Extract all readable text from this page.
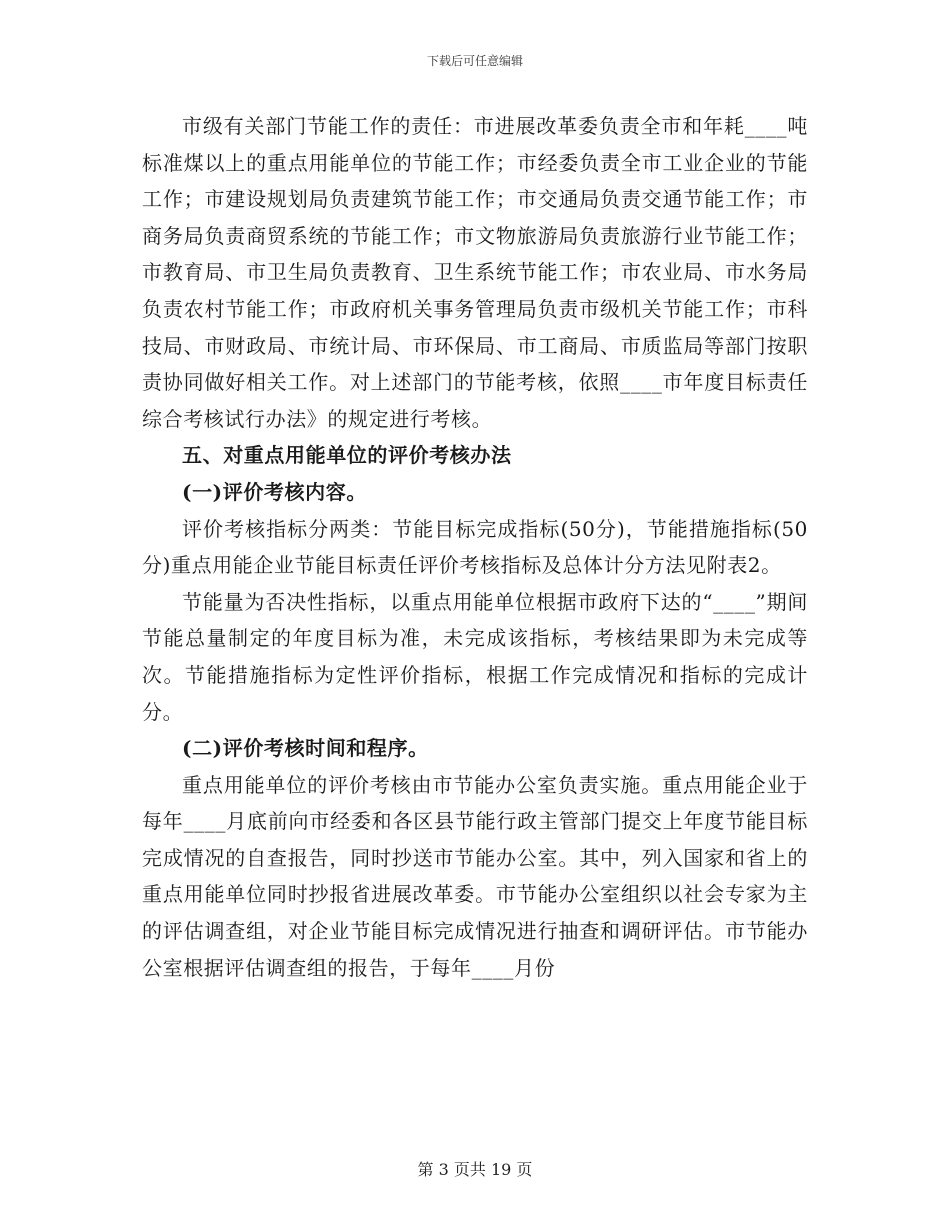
下载后可任意编辑

市级有关部门节能工作的责任：市进展改革委负责全市和年耗____吨标准煤以上的重点用能单位的节能工作；市经委负责全市工业企业的节能工作；市建设规划局负责建筑节能工作；市交通局负责交通节能工作；市商务局负责商贸系统的节能工作；市文物旅游局负责旅游行业节能工作；市教育局、市卫生局负责教育、卫生系统节能工作；市农业局、市水务局负责农村节能工作；市政府机关事务管理局负责市级机关节能工作；市科技局、市财政局、市统计局、市环保局、市工商局、市质监局等部门按职责协同做好相关工作。对上述部门的节能考核，依照____市年度目标责任综合考核试行办法》的规定进行考核。

五、对重点用能单位的评价考核办法

(一)评价考核内容。

评价考核指标分两类：节能目标完成指标(50分)，节能措施指标(50分)重点用能企业节能目标责任评价考核指标及总体计分方法见附表2。

节能量为否决性指标，以重点用能单位根据市政府下达的“____”期间节能总量制定的年度目标为准，未完成该指标，考核结果即为未完成等次。节能措施指标为定性评价指标，根据工作完成情况和指标的完成计分。

(二)评价考核时间和程序。

重点用能单位的评价考核由市节能办公室负责实施。重点用能企业于每年____月底前向市经委和各区县节能行政主管部门提交上年度节能目标完成情况的自查报告，同时抄送市节能办公室。其中，列入国家和省上的重点用能单位同时抄报省进展改革委。市节能办公室组织以社会专家为主的评估调查组，对企业节能目标完成情况进行抽查和调研评估。市节能办公室根据评估调查组的报告，于每年____月份

第 3 页共 19 页
